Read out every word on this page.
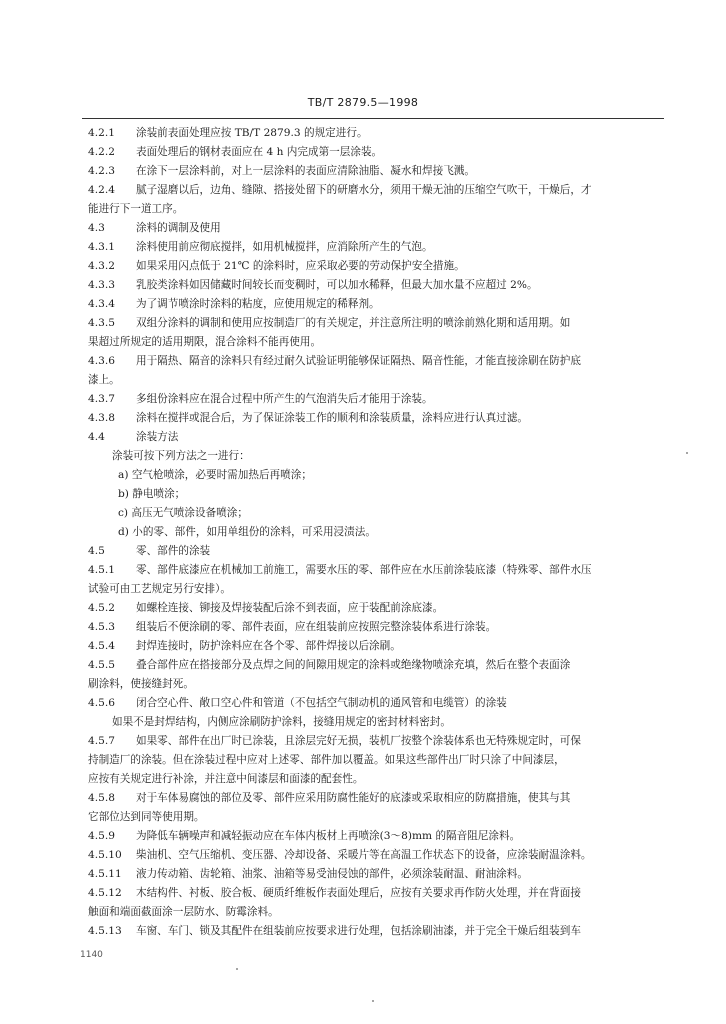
TB/T 2879.5—1998
4.2.1 涂装前表面处理应按 TB/T 2879.3 的规定进行。
4.2.2 表面处理后的钢材表面应在 4 h 内完成第一层涂装。
4.2.3 在涂下一层涂料前，对上一层涂料的表面应清除油脂、凝水和焊接飞溅。
4.2.4 腻子湿磨以后，边角、缝隙、搭接处留下的研磨水分，须用干燥无油的压缩空气吹干，干燥后，才
能进行下一道工序。
4.3	涂料的调制及使用
4.3.1 涂料使用前应彻底搅拌，如用机械搅拌，应消除所产生的气泡。
4.3.2 如果采用闪点低于 21℃ 的涂料时，应采取必要的劳动保护安全措施。
4.3.3 乳胶类涂料如因储藏时间较长而变稠时，可以加水稀释，但最大加水量不应超过 2%。
4.3.4 为了调节喷涂时涂料的粘度，应使用规定的稀释剂。
4.3.5 双组分涂料的调制和使用应按制造厂的有关规定，并注意所注明的喷涂前熟化期和适用期。如
果超过所规定的适用期限，混合涂料不能再使用。
4.3.6 用于隔热、隔音的涂料只有经过耐久试验证明能够保证隔热、隔音性能，才能直接涂刷在防护底
漆上。
4.3.7 多组份涂料应在混合过程中所产生的气泡消失后才能用于涂装。
4.3.8 涂料在搅拌或混合后，为了保证涂装工作的顺利和涂装质量，涂料应进行认真过滤。
4.4	涂装方法
涂装可按下列方法之一进行：
a) 空气枪喷涂，必要时需加热后再喷涂；
b) 静电喷涂；
c) 高压无气喷涂设备喷涂；
d) 小的零、部件，如用单组份的涂料，可采用浸渍法。
4.5	零、部件的涂装
4.5.1 零、部件底漆应在机械加工前施工，需要水压的零、部件应在水压前涂装底漆（特殊零、部件水压
试验可由工艺规定另行安排）。
4.5.2 如螺栓连接、铆接及焊接装配后涂不到表面，应于装配前涂底漆。
4.5.3 组装后不便涂刷的零、部件表面，应在组装前应按照完整涂装体系进行涂装。
4.5.4 封焊连接时，防护涂料应在各个零、部件焊接以后涂刷。
4.5.5 叠合部件应在搭接部分及点焊之间的间隙用规定的涂料或绝缘物喷涂充填，然后在整个表面涂
刷涂料，使接缝封死。
4.5.6 闭合空心件、敞口空心件和管道（不包括空气制动机的通风管和电缆管）的涂装
如果不是封焊结构，内侧应涂刷防护涂料，接缝用规定的密封材料密封。
4.5.7 如果零、部件在出厂时已涂装，且涂层完好无损，装机厂按整个涂装体系也无特殊规定时，可保
持制造厂的涂装。但在涂装过程中应对上述零、部件加以覆盖。如果这些部件出厂时只涂了中间漆层，
应按有关规定进行补涂，并注意中间漆层和面漆的配套性。
4.5.8 对于车体易腐蚀的部位及零、部件应采用防腐性能好的底漆或采取相应的防腐措施，使其与其
它部位达到同等使用期。
4.5.9 为降低车辆噪声和减轻振动应在车体内板材上再喷涂(3～8)mm 的隔音阻尼涂料。
4.5.10 柴油机、空气压缩机、变压器、冷却设备、采暖片等在高温工作状态下的设备，应涂装耐温涂料。
4.5.11 液力传动箱、齿轮箱、油浆、油箱等易受油侵蚀的部件，必须涂装耐温、耐油涂料。
4.5.12 木结构件、衬板、胶合板、硬质纤维板作表面处理后，应按有关要求再作防火处理，并在背面接
触面和端面截面涂一层防水、防霉涂料。
4.5.13 车窗、车门、锁及其配件在组装前应按要求进行处理，包括涂刷油漆，并于完全干燥后组装到车
1140
